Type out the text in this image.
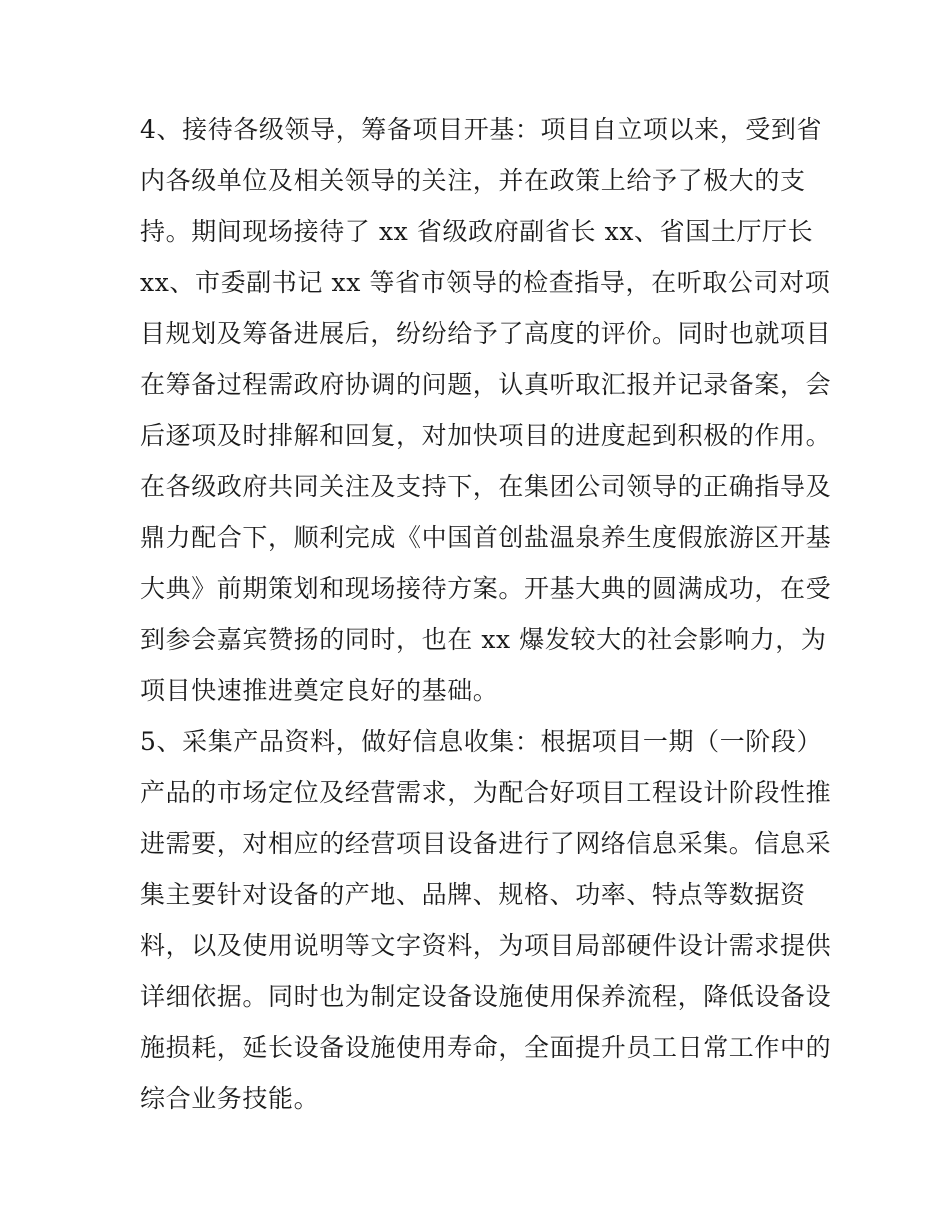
4、接待各级领导，筹备项目开基：项目自立项以来，受到省
内各级单位及相关领导的关注，并在政策上给予了极大的支
持。期间现场接待了 xx 省级政府副省长 xx、省国土厅厅长
xx、市委副书记 xx 等省市领导的检查指导，在听取公司对项
目规划及筹备进展后，纷纷给予了高度的评价。同时也就项目
在筹备过程需政府协调的问题，认真听取汇报并记录备案，会
后逐项及时排解和回复，对加快项目的进度起到积极的作用。
在各级政府共同关注及支持下，在集团公司领导的正确指导及
鼎力配合下，顺利完成《中国首创盐温泉养生度假旅游区开基
大典》前期策划和现场接待方案。开基大典的圆满成功，在受
到参会嘉宾赞扬的同时，也在 xx 爆发较大的社会影响力，为
项目快速推进奠定良好的基础。
5、采集产品资料，做好信息收集：根据项目一期（一阶段）
产品的市场定位及经营需求，为配合好项目工程设计阶段性推
进需要，对相应的经营项目设备进行了网络信息采集。信息采
集主要针对设备的产地、品牌、规格、功率、特点等数据资
料，以及使用说明等文字资料，为项目局部硬件设计需求提供
详细依据。同时也为制定设备设施使用保养流程，降低设备设
施损耗，延长设备设施使用寿命，全面提升员工日常工作中的
综合业务技能。
